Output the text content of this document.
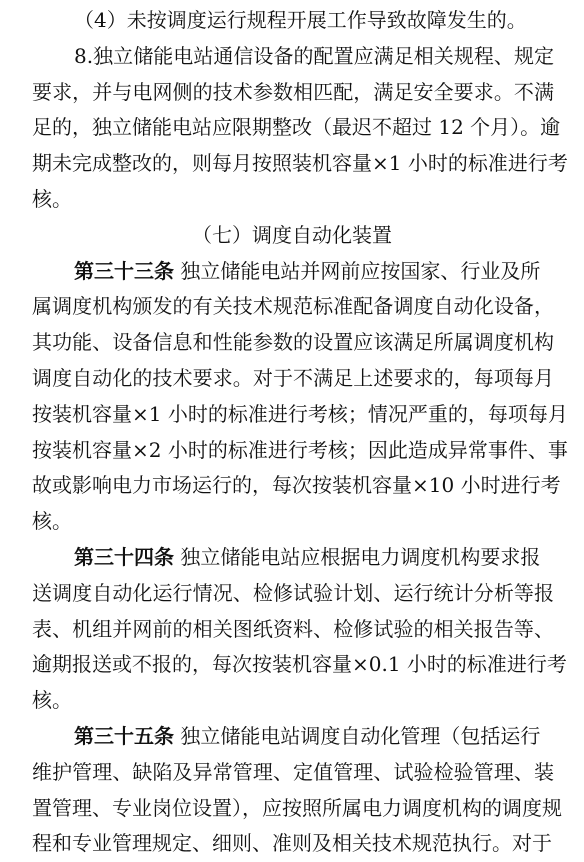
（4）未按调度运行规程开展工作导致故障发生的。
8.独立储能电站通信设备的配置应满足相关规程、规定
要求，并与电网侧的技术参数相匹配，满足安全要求。不满
足的，独立储能电站应限期整改（最迟不超过 12 个月）。逾
期未完成整改的，则每月按照装机容量×1 小时的标准进行考
核。
（七）调度自动化装置
第三十三条 独立储能电站并网前应按国家、行业及所
属调度机构颁发的有关技术规范标准配备调度自动化设备，
其功能、设备信息和性能参数的设置应该满足所属调度机构
调度自动化的技术要求。对于不满足上述要求的，每项每月
按装机容量×1 小时的标准进行考核；情况严重的，每项每月
按装机容量×2 小时的标准进行考核；因此造成异常事件、事
故或影响电力市场运行的，每次按装机容量×10 小时进行考
核。
第三十四条 独立储能电站应根据电力调度机构要求报
送调度自动化运行情况、检修试验计划、运行统计分析等报
表、机组并网前的相关图纸资料、检修试验的相关报告等、
逾期报送或不报的，每次按装机容量×0.1 小时的标准进行考
核。
第三十五条 独立储能电站调度自动化管理（包括运行
维护管理、缺陷及异常管理、定值管理、试验检验管理、装
置管理、专业岗位设置），应按照所属电力调度机构的调度规
程和专业管理规定、细则、准则及相关技术规范执行。对于
